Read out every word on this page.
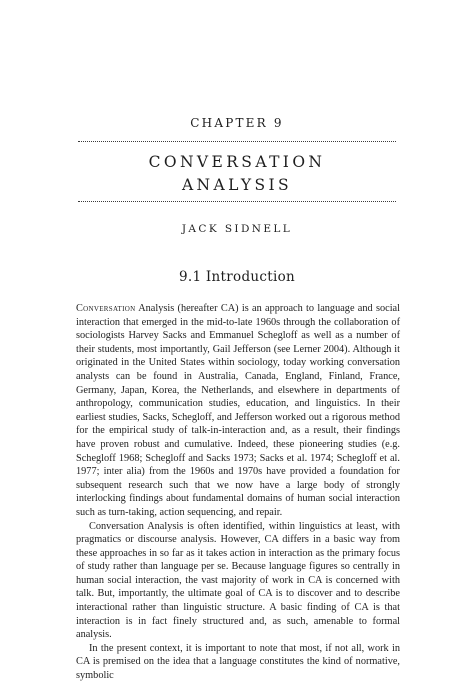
CHAPTER 9
CONVERSATION
ANALYSIS
JACK SIDNELL
9.1 Introduction

Conversation Analysis (hereafter CA) is an approach to language and social interaction that emerged in the mid-to-late 1960s through the collaboration of sociologists Harvey Sacks and Emmanuel Schegloff as well as a number of their students, most importantly, Gail Jefferson (see Lerner 2004). Although it originated in the United States within sociology, today working conversation analysts can be found in Australia, Canada, England, Finland, France, Germany, Japan, Korea, the Netherlands, and elsewhere in departments of anthropology, communication studies, education, and linguistics. In their earliest studies, Sacks, Schegloff, and Jefferson worked out a rigorous method for the empirical study of talk-in-interaction and, as a result, their findings have proven robust and cumulative. Indeed, these pioneering studies (e.g. Schegloff 1968; Schegloff and Sacks 1973; Sacks et al. 1974; Schegloff et al. 1977; inter alia) from the 1960s and 1970s have provided a foundation for subsequent research such that we now have a large body of strongly interlocking findings about fundamental domains of human social interaction such as turn-taking, action sequencing, and repair.

Conversation Analysis is often identified, within linguistics at least, with pragmatics or discourse analysis. However, CA differs in a basic way from these approaches in so far as it takes action in interaction as the primary focus of study rather than language per se. Because language figures so centrally in human social interaction, the vast majority of work in CA is concerned with talk. But, importantly, the ultimate goal of CA is to discover and to describe interactional rather than linguistic structure. A basic finding of CA is that interaction is in fact finely structured and, as such, amenable to formal analysis.

In the present context, it is important to note that most, if not all, work in CA is premised on the idea that a language constitutes the kind of normative, symbolic
